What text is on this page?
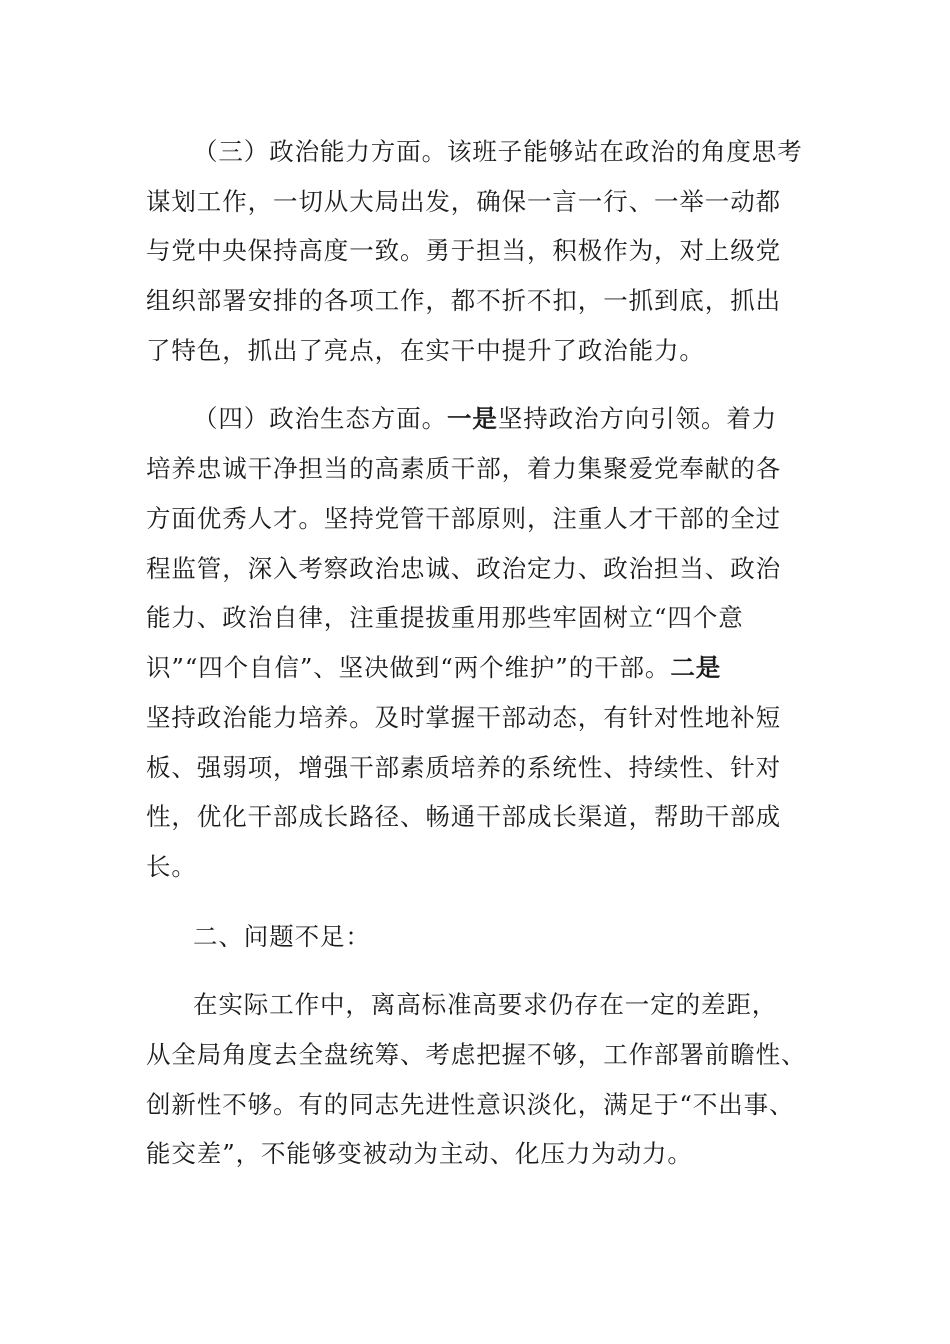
（三）政治能力方面。该班子能够站在政治的角度思考
谋划工作，一切从大局出发，确保一言一行、一举一动都
与党中央保持高度一致。勇于担当，积极作为，对上级党
组织部署安排的各项工作，都不折不扣，一抓到底，抓出
了特色，抓出了亮点，在实干中提升了政治能力。
（四）政治生态方面。一是坚持政治方向引领。着力
培养忠诚干净担当的高素质干部，着力集聚爱党奉献的各
方面优秀人才。坚持党管干部原则，注重人才干部的全过
程监管，深入考察政治忠诚、政治定力、政治担当、政治
能力、政治自律，注重提拔重用那些牢固树立“四个意
识”“四个自信”、坚决做到“两个维护”的干部。二是
坚持政治能力培养。及时掌握干部动态，有针对性地补短
板、强弱项，增强干部素质培养的系统性、持续性、针对
性，优化干部成长路径、畅通干部成长渠道，帮助干部成
长。
二、问题不足：
在实际工作中，离高标准高要求仍存在一定的差距，
从全局角度去全盘统筹、考虑把握不够，工作部署前瞻性、
创新性不够。有的同志先进性意识淡化，满足于“不出事、
能交差”，不能够变被动为主动、化压力为动力。
